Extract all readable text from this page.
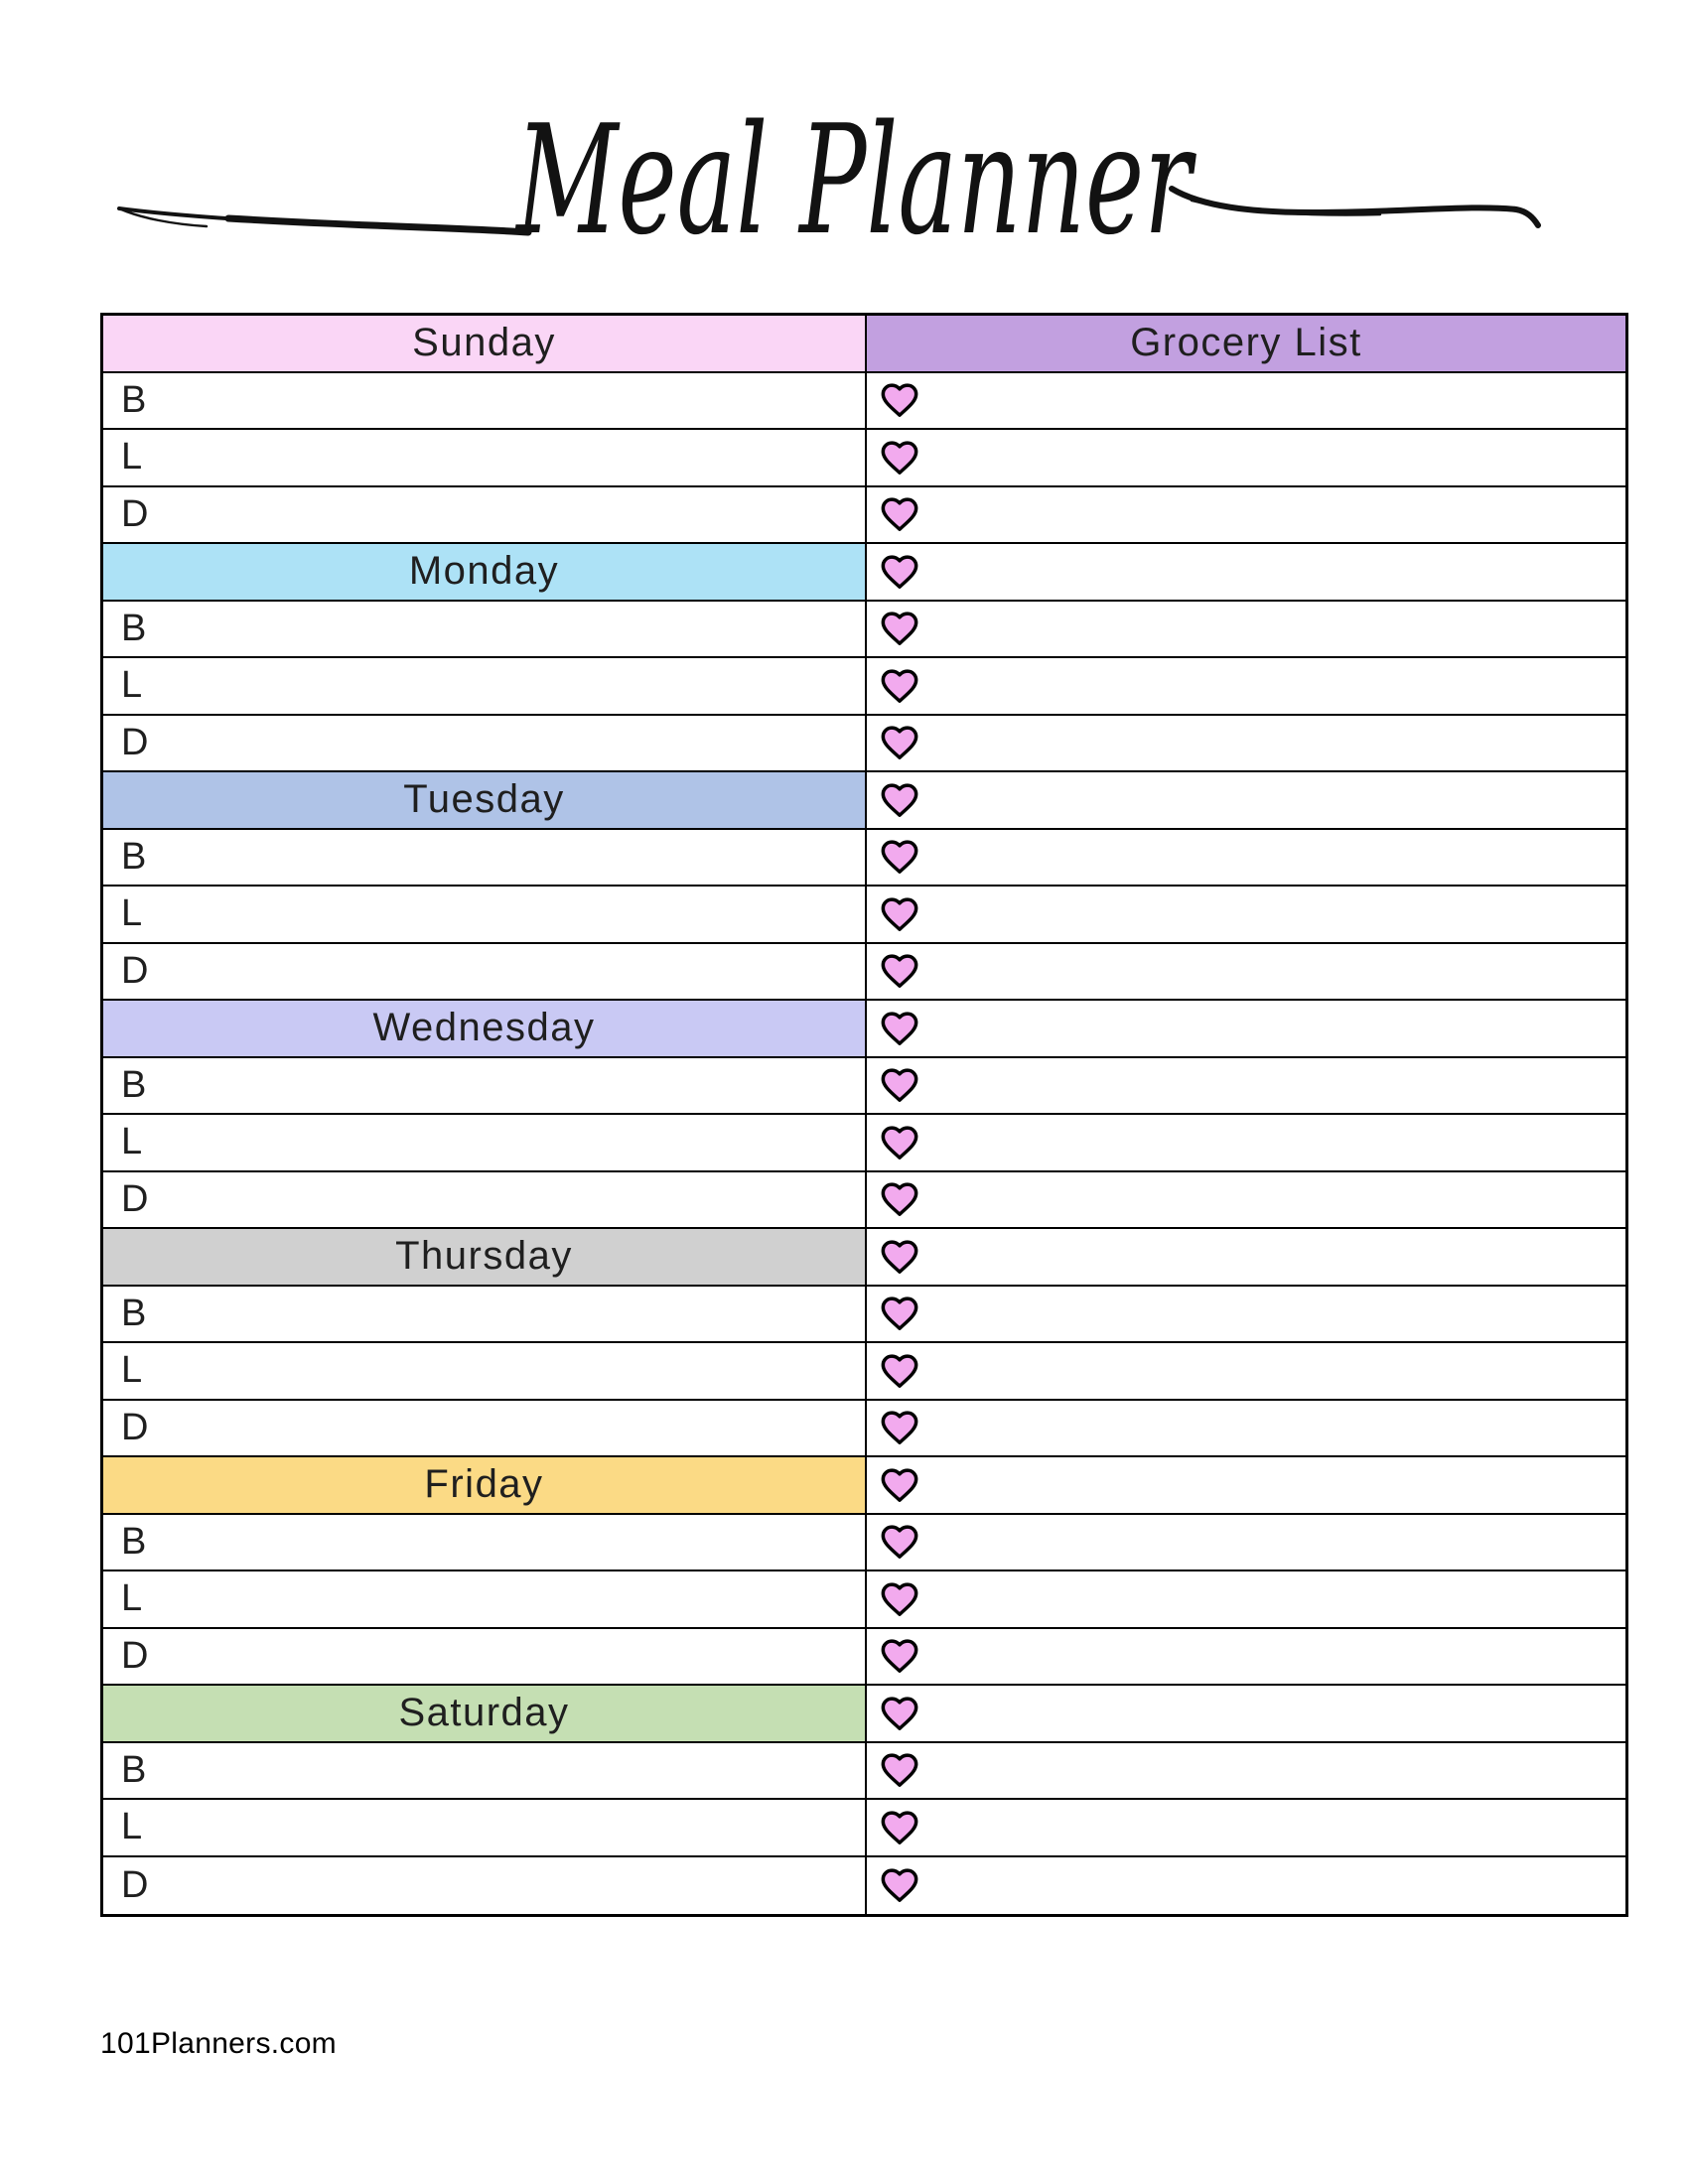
Meal Planner
Sunday	Grocery List
B
L
D
Monday
B
L
D
Tuesday
B
L
D
Wednesday
B
L
D
Thursday
B
L
D
Friday
B
L
D
Saturday
B
L
D
101Planners.com
